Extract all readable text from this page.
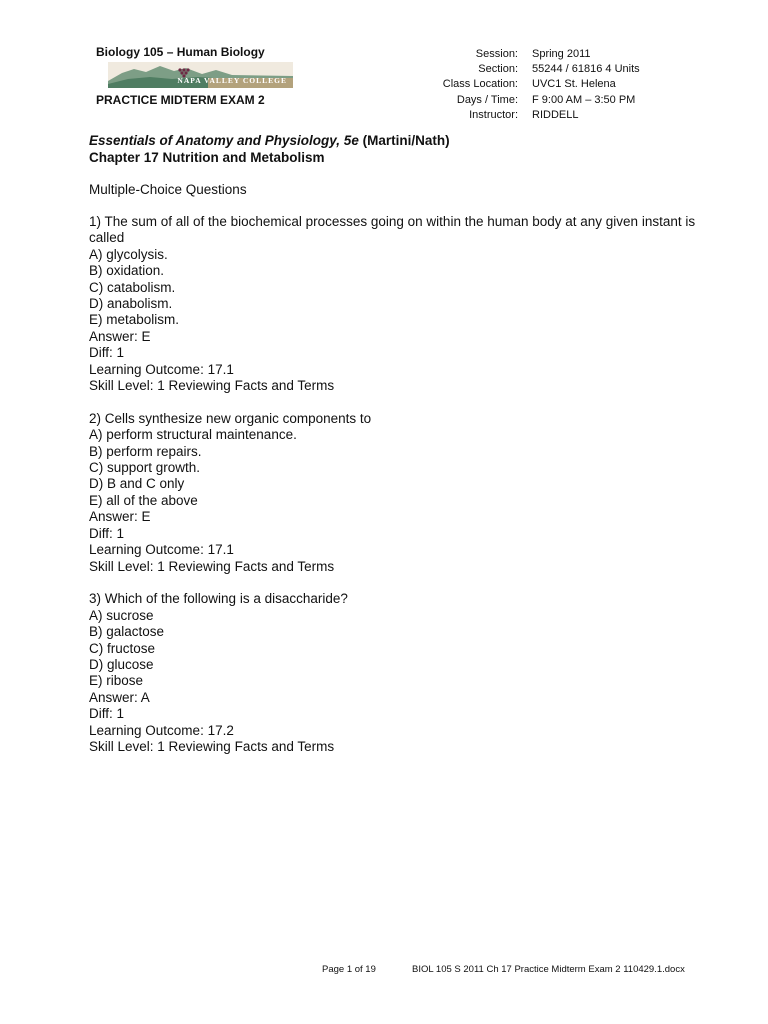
Biology 105 – Human Biology
NAPA VALLEY COLLEGE
PRACTICE MIDTERM EXAM 2
Session:	Spring 2011
Section:	55244 / 61816 4 Units
Class Location:	UVC1 St. Helena
Days / Time:	F 9:00 AM – 3:50 PM
Instructor:	RIDDELL
Essentials of Anatomy and Physiology, 5e (Martini/Nath)
Chapter 17 Nutrition and Metabolism
Multiple-Choice Questions
1) The sum of all of the biochemical processes going on within the human body at any given instant is called
A) glycolysis.
B) oxidation.
C) catabolism.
D) anabolism.
E) metabolism.
Answer: E
Diff: 1
Learning Outcome: 17.1
Skill Level: 1 Reviewing Facts and Terms
2) Cells synthesize new organic components to
A) perform structural maintenance.
B) perform repairs.
C) support growth.
D) B and C only
E) all of the above
Answer: E
Diff: 1
Learning Outcome: 17.1
Skill Level: 1 Reviewing Facts and Terms
3) Which of the following is a disaccharide?
A) sucrose
B) galactose
C) fructose
D) glucose
E) ribose
Answer: A
Diff: 1
Learning Outcome: 17.2
Skill Level: 1 Reviewing Facts and Terms
Page 1 of 19	BIOL 105 S 2011 Ch 17 Practice Midterm Exam 2 110429.1.docx
